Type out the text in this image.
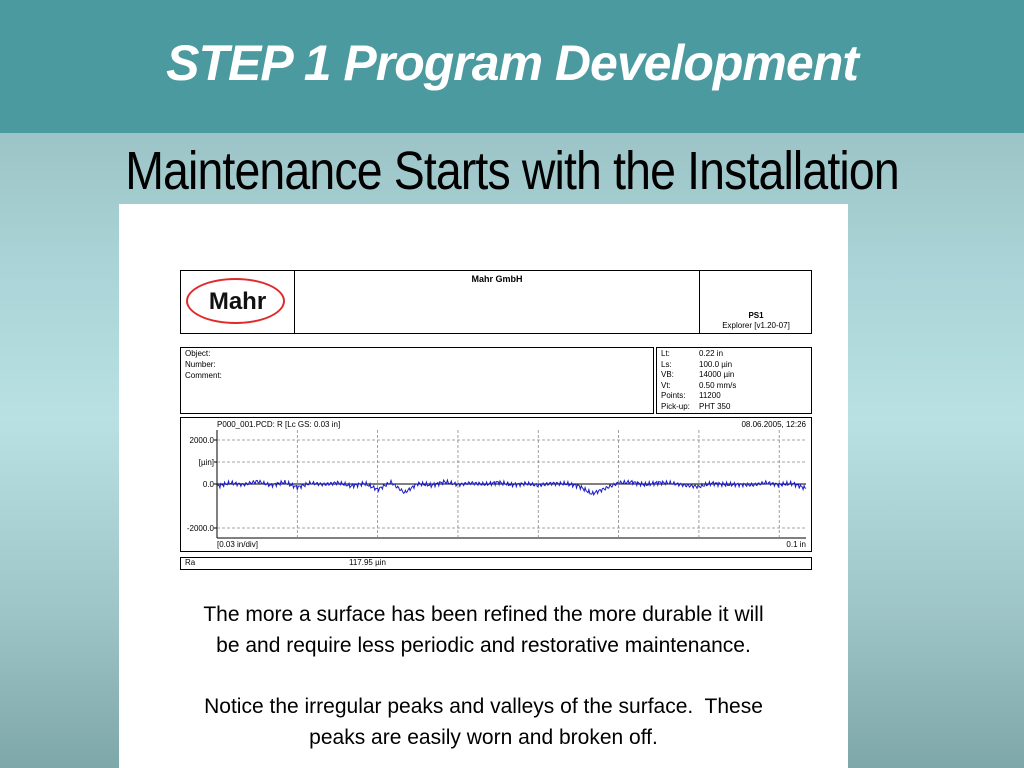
STEP 1 Program Development
Maintenance Starts with the Installation
Mahr
Mahr GmbH
PS1
Explorer [v1.20-07]
Object:
Number:
Comment:
Lt:	0.22 in
Ls:	100.0 µin
VB:	14000 µin
Vt:	0.50 mm/s
Points: 11200
Pick-up: PHT 350
P000_001.PCD: R [Lc GS: 0.03 in]	08.06.2005, 12:26
[0.03 in/div]	0.1 in
2000.0
[µin]
0.0
-2000.0
Ra	117.95 µin
The more a surface has been refined the more durable it will
be and require less periodic and restorative maintenance.
Notice the irregular peaks and valleys of the surface.  These
peaks are easily worn and broken off.
